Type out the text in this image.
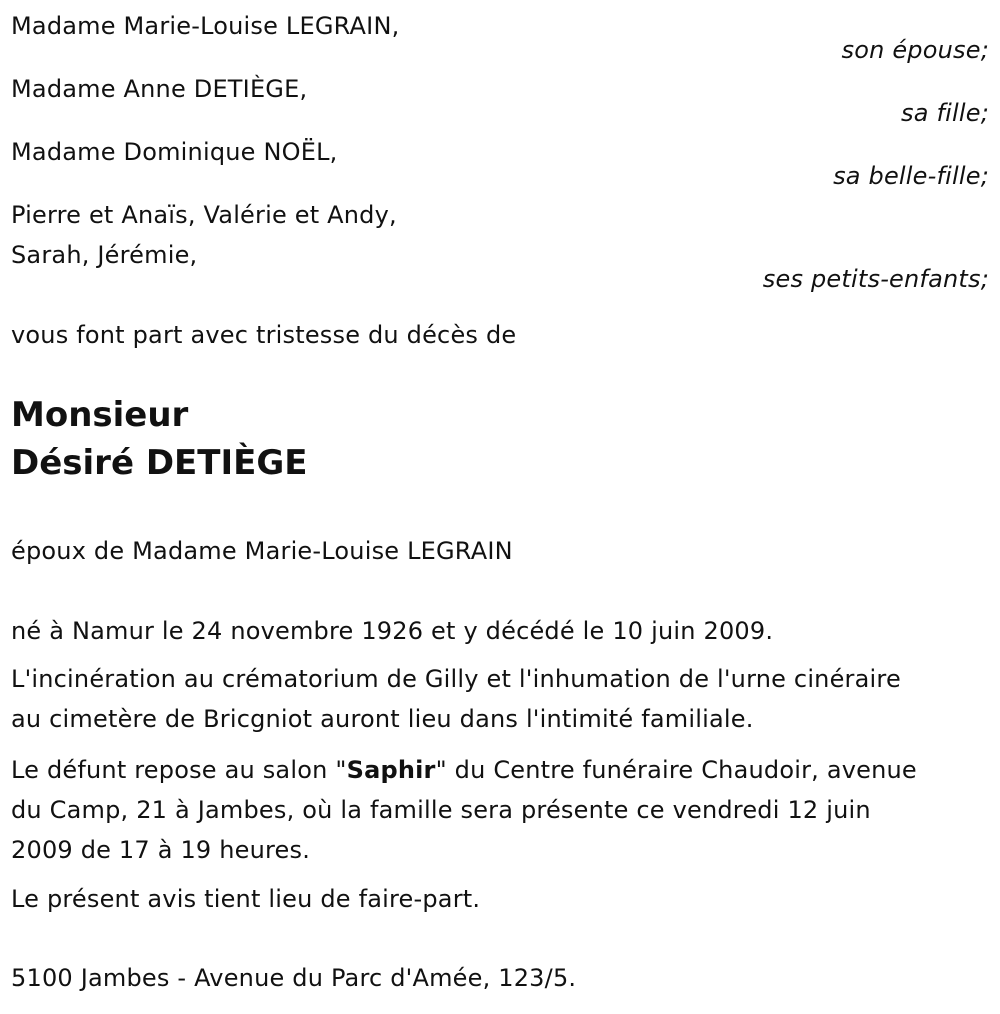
Madame Marie-Louise LEGRAIN,
son épouse;
Madame Anne DETIÈGE,
sa fille;
Madame Dominique NOËL,
sa belle-fille;
Pierre et Anaïs, Valérie et Andy,
Sarah, Jérémie,
ses petits-enfants;
vous font part avec tristesse du décès de
Monsieur
Désiré DETIÈGE
époux de Madame Marie-Louise LEGRAIN
né à Namur le 24 novembre 1926 et y décédé le 10 juin 2009.
L'incinération au crématorium de Gilly et l'inhumation de l'urne cinéraire
au cimetère de Bricgniot auront lieu dans l'intimité familiale.
Le défunt repose au salon "Saphir" du Centre funéraire Chaudoir, avenue
du Camp, 21 à Jambes, où la famille sera présente ce vendredi 12 juin
2009 de 17 à 19 heures.
Le présent avis tient lieu de faire-part.
5100 Jambes - Avenue du Parc d'Amée, 123/5.
